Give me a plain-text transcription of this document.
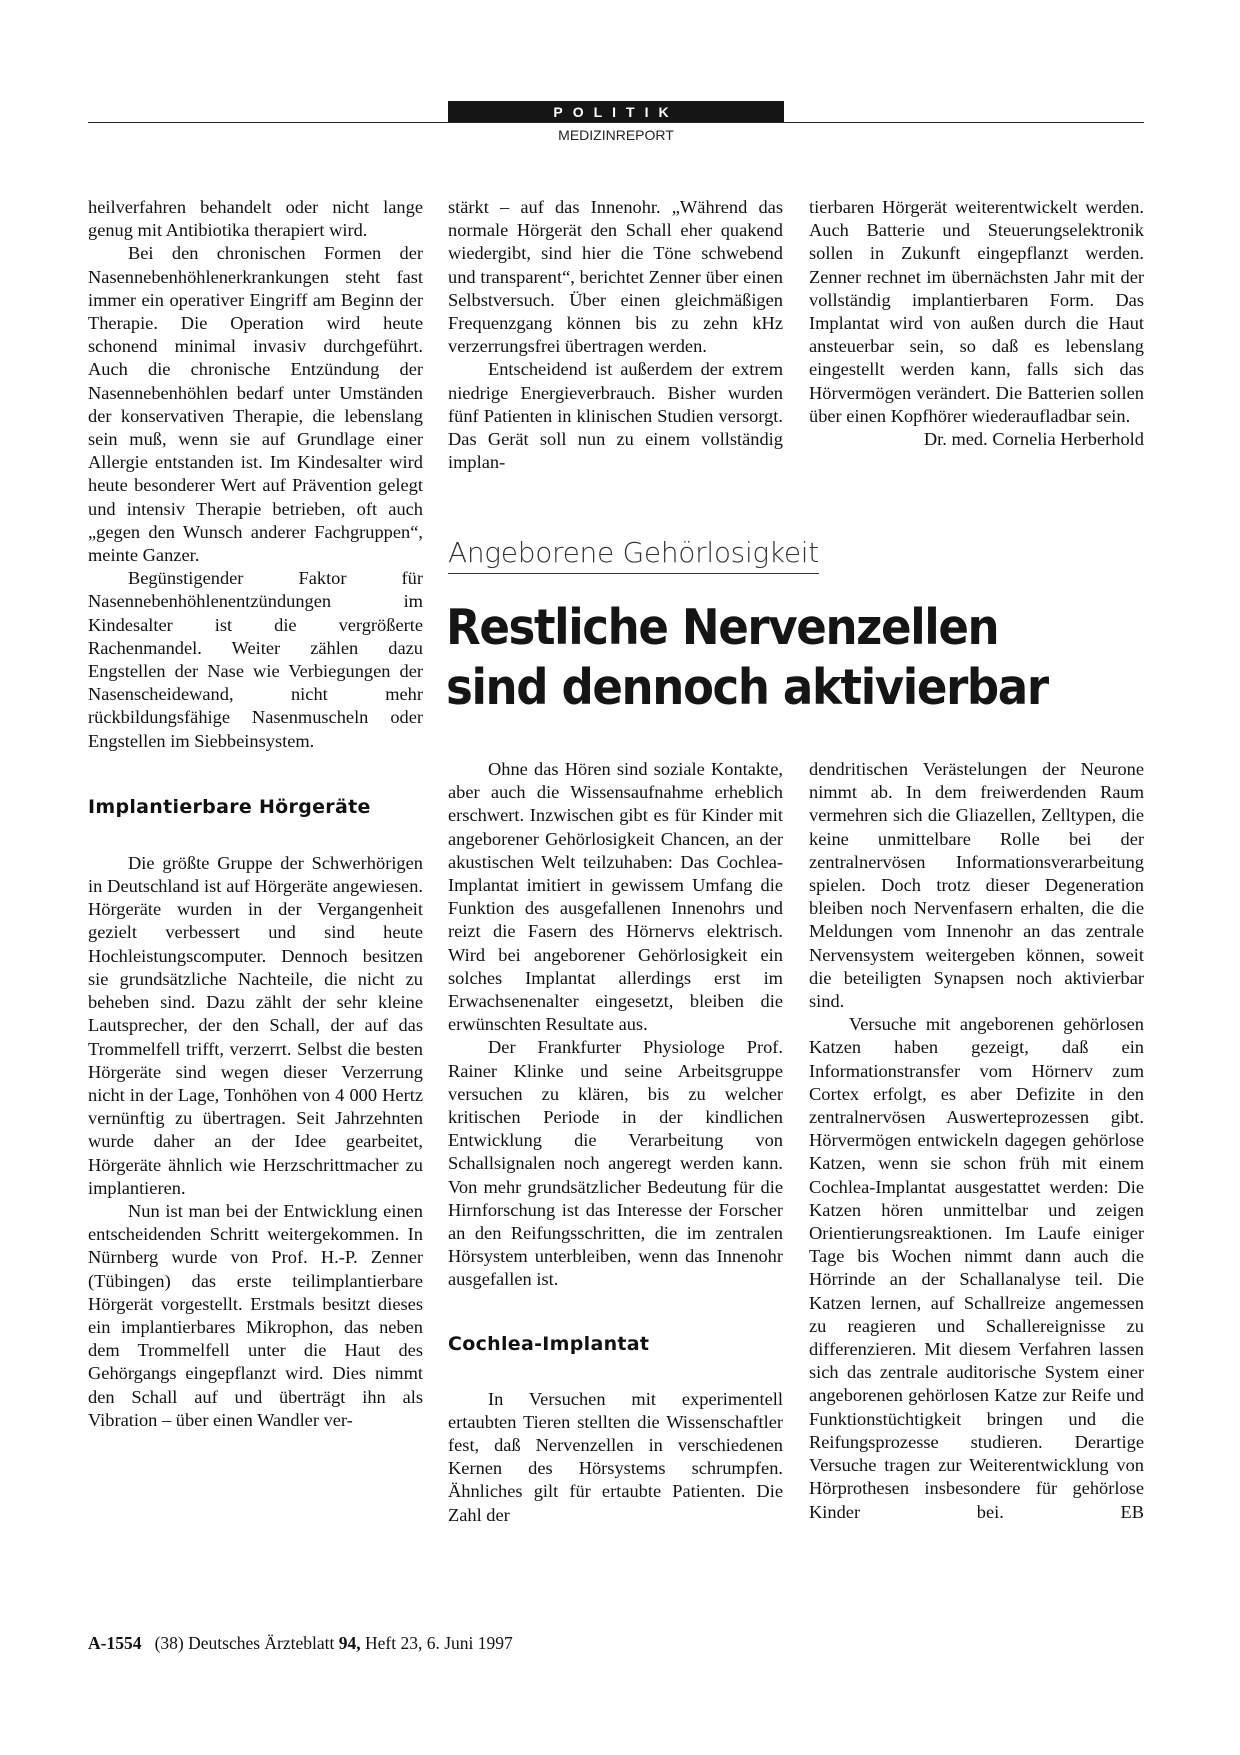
POLITIK
MEDIZINREPORT

heilverfahren behandelt oder nicht lange genug mit Antibiotika therapiert wird.

Bei den chronischen Formen der Nasennebenhöhlenerkrankungen steht fast immer ein operativer Eingriff am Beginn der Therapie. Die Operation wird heute schonend minimal invasiv durchgeführt. Auch die chronische Entzündung der Nasennebenhöhlen bedarf unter Umständen der konservativen Therapie, die lebenslang sein muß, wenn sie auf Grundlage einer Allergie entstanden ist. Im Kindesalter wird heute besonderer Wert auf Prävention gelegt und intensiv Therapie betrieben, oft auch „gegen den Wunsch anderer Fachgruppen“, meinte Ganzer.

Begünstigender Faktor für Nasennebenhöhlenentzündungen im Kindesalter ist die vergrößerte Rachenmandel. Weiter zählen dazu Engstellen der Nase wie Verbiegungen der Nasenscheidewand, nicht mehr rückbildungsfähige Nasenmuscheln oder Engstellen im Siebbeinsystem.

Implantierbare Hörgeräte

Die größte Gruppe der Schwerhörigen in Deutschland ist auf Hörgeräte angewiesen. Hörgeräte wurden in der Vergangenheit gezielt verbessert und sind heute Hochleistungscomputer. Dennoch besitzen sie grundsätzliche Nachteile, die nicht zu beheben sind. Dazu zählt der sehr kleine Lautsprecher, der den Schall, der auf das Trommelfell trifft, verzerrt. Selbst die besten Hörgeräte sind wegen dieser Verzerrung nicht in der Lage, Tonhöhen von 4 000 Hertz vernünftig zu übertragen. Seit Jahrzehnten wurde daher an der Idee gearbeitet, Hörgeräte ähnlich wie Herzschrittmacher zu implantieren.

Nun ist man bei der Entwicklung einen entscheidenden Schritt weitergekommen. In Nürnberg wurde von Prof. H.-P. Zenner (Tübingen) das erste teilimplantierbare Hörgerät vorgestellt. Erstmals besitzt dieses ein implantierbares Mikrophon, das neben dem Trommelfell unter die Haut des Gehörgangs eingepflanzt wird. Dies nimmt den Schall auf und überträgt ihn als Vibration – über einen Wandler ver-

stärkt – auf das Innenohr. „Während das normale Hörgerät den Schall eher quakend wiedergibt, sind hier die Töne schwebend und transparent“, berichtet Zenner über einen Selbstversuch. Über einen gleichmäßigen Frequenzgang können bis zu zehn kHz verzerrungsfrei übertragen werden.

Entscheidend ist außerdem der extrem niedrige Energieverbrauch. Bisher wurden fünf Patienten in klinischen Studien versorgt. Das Gerät soll nun zu einem vollständig implan-

tierbaren Hörgerät weiterentwickelt werden. Auch Batterie und Steuerungselektronik sollen in Zukunft eingepflanzt werden. Zenner rechnet im übernächsten Jahr mit der vollständig implantierbaren Form. Das Implantat wird von außen durch die Haut ansteuerbar sein, so daß es lebenslang eingestellt werden kann, falls sich das Hörvermögen verändert. Die Batterien sollen über einen Kopfhörer wiederaufladbar sein.

Dr. med. Cornelia Herberhold

Angeborene Gehörlosigkeit
Restliche Nervenzellen sind dennoch aktivierbar

Ohne das Hören sind soziale Kontakte, aber auch die Wissensaufnahme erheblich erschwert. Inzwischen gibt es für Kinder mit angeborener Gehörlosigkeit Chancen, an der akustischen Welt teilzuhaben: Das Cochlea-Implantat imitiert in gewissem Umfang die Funktion des ausgefallenen Innenohrs und reizt die Fasern des Hörnervs elektrisch. Wird bei angeborener Gehörlosigkeit ein solches Implantat allerdings erst im Erwachsenenalter eingesetzt, bleiben die erwünschten Resultate aus.

Der Frankfurter Physiologe Prof. Rainer Klinke und seine Arbeitsgruppe versuchen zu klären, bis zu welcher kritischen Periode in der kindlichen Entwicklung die Verarbeitung von Schallsignalen noch angeregt werden kann. Von mehr grundsätzlicher Bedeutung für die Hirnforschung ist das Interesse der Forscher an den Reifungsschritten, die im zentralen Hörsystem unterbleiben, wenn das Innenohr ausgefallen ist.

Cochlea-Implantat

In Versuchen mit experimentell ertaubten Tieren stellten die Wissenschaftler fest, daß Nervenzellen in verschiedenen Kernen des Hörsystems schrumpfen. Ähnliches gilt für ertaubte Patienten. Die Zahl der

dendritischen Verästelungen der Neurone nimmt ab. In dem freiwerdenden Raum vermehren sich die Gliazellen, Zelltypen, die keine unmittelbare Rolle bei der zentralnervösen Informationsverarbeitung spielen. Doch trotz dieser Degeneration bleiben noch Nervenfasern erhalten, die die Meldungen vom Innenohr an das zentrale Nervensystem weitergeben können, soweit die beteiligten Synapsen noch aktivierbar sind.

Versuche mit angeborenen gehörlosen Katzen haben gezeigt, daß ein Informationstransfer vom Hörnerv zum Cortex erfolgt, es aber Defizite in den zentralnervösen Auswerteprozessen gibt. Hörvermögen entwickeln dagegen gehörlose Katzen, wenn sie schon früh mit einem Cochlea-Implantat ausgestattet werden: Die Katzen hören unmittelbar und zeigen Orientierungsreaktionen. Im Laufe einiger Tage bis Wochen nimmt dann auch die Hörrinde an der Schallanalyse teil. Die Katzen lernen, auf Schallreize angemessen zu reagieren und Schallereignisse zu differenzieren. Mit diesem Verfahren lassen sich das zentrale auditorische System einer angeborenen gehörlosen Katze zur Reife und Funktionstüchtigkeit bringen und die Reifungsprozesse studieren. Derartige Versuche tragen zur Weiterentwicklung von Hörprothesen insbesondere für gehörlose Kinder bei. EB

A-1554 (38) Deutsches Ärzteblatt 94, Heft 23, 6. Juni 1997
